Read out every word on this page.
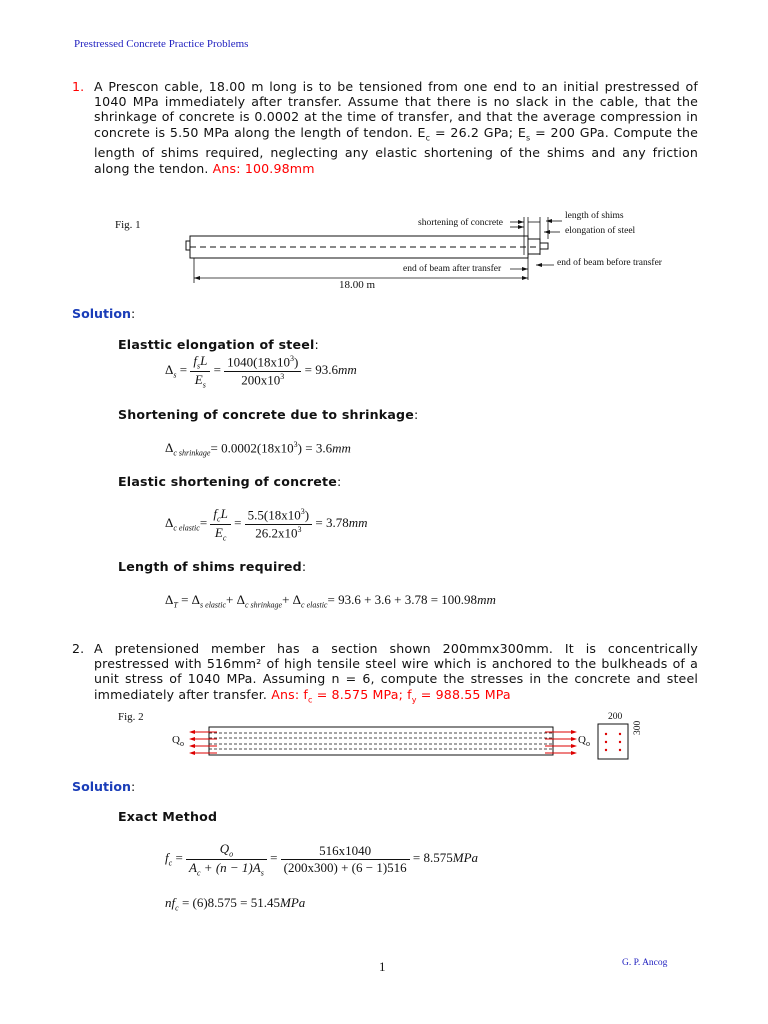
Prestressed Concrete Practice Problems
1. A Prescon cable, 18.00 m long is to be tensioned from one end to an initial prestressed of 1040 MPa immediately after transfer. Assume that there is no slack in the cable, that the shrinkage of concrete is 0.0002 at the time of transfer, and that the average compression in concrete is 5.50 MPa along the length of tendon. $E_c = 26.2$ GPa; $E_s = 200$ GPa. Compute the length of shims required, neglecting any elastic shortening of the shims and any friction along the tendon. Ans: 100.98mm
Fig. 1	shortening of concrete
length of shims
elongation of steel
end of beam after transfer
end of beam before transfer
18.00 m
Solution:
Elasttic elongation of steel:
$\Delta_s = \frac{f_sL}{E_s} = \frac{1040(18x10^3)}{200x10^3} = 93.6mm$
Shortening of concrete due to shrinkage:
$\Delta_{c shrinkage}= 0.0002(18x10^3) = 3.6mm$
Elastic shortening of concrete:
$\Delta_{c elastic}= \frac{f_cL}{E_c} = \frac{5.5(18x10^3)}{26.2x10^3} = 3.78mm$
Length of shims required:
$\Delta_T = \Delta_{s elastic}+ \Delta_{c shrinkage}+ \Delta_{c elastic}= 93.6 + 3.6 + 3.78 = 100.98mm$
2. A pretensioned member has a section shown 200mmx300mm. It is concentrically prestressed with 516mm² of high tensile steel wire which is anchored to the bulkheads of a unit stress of 1040 MPa. Assuming n = 6, compute the stresses in the concrete and steel immediately after transfer. Ans: $f_c = 8.575$ MPa; $f_y = 988.55$ MPa
Fig. 2	200
300
$Q_o$	$Q_o$
Solution:
Exact Method
$f_c = \frac{Q_o}{A_c + (n - 1)A_s} = \frac{516x1040}{(200x300) + (6 - 1)516} = 8.575MPa$
$nf_c = (6)8.575 = 51.45MPa$
1	G. P. Ancog
